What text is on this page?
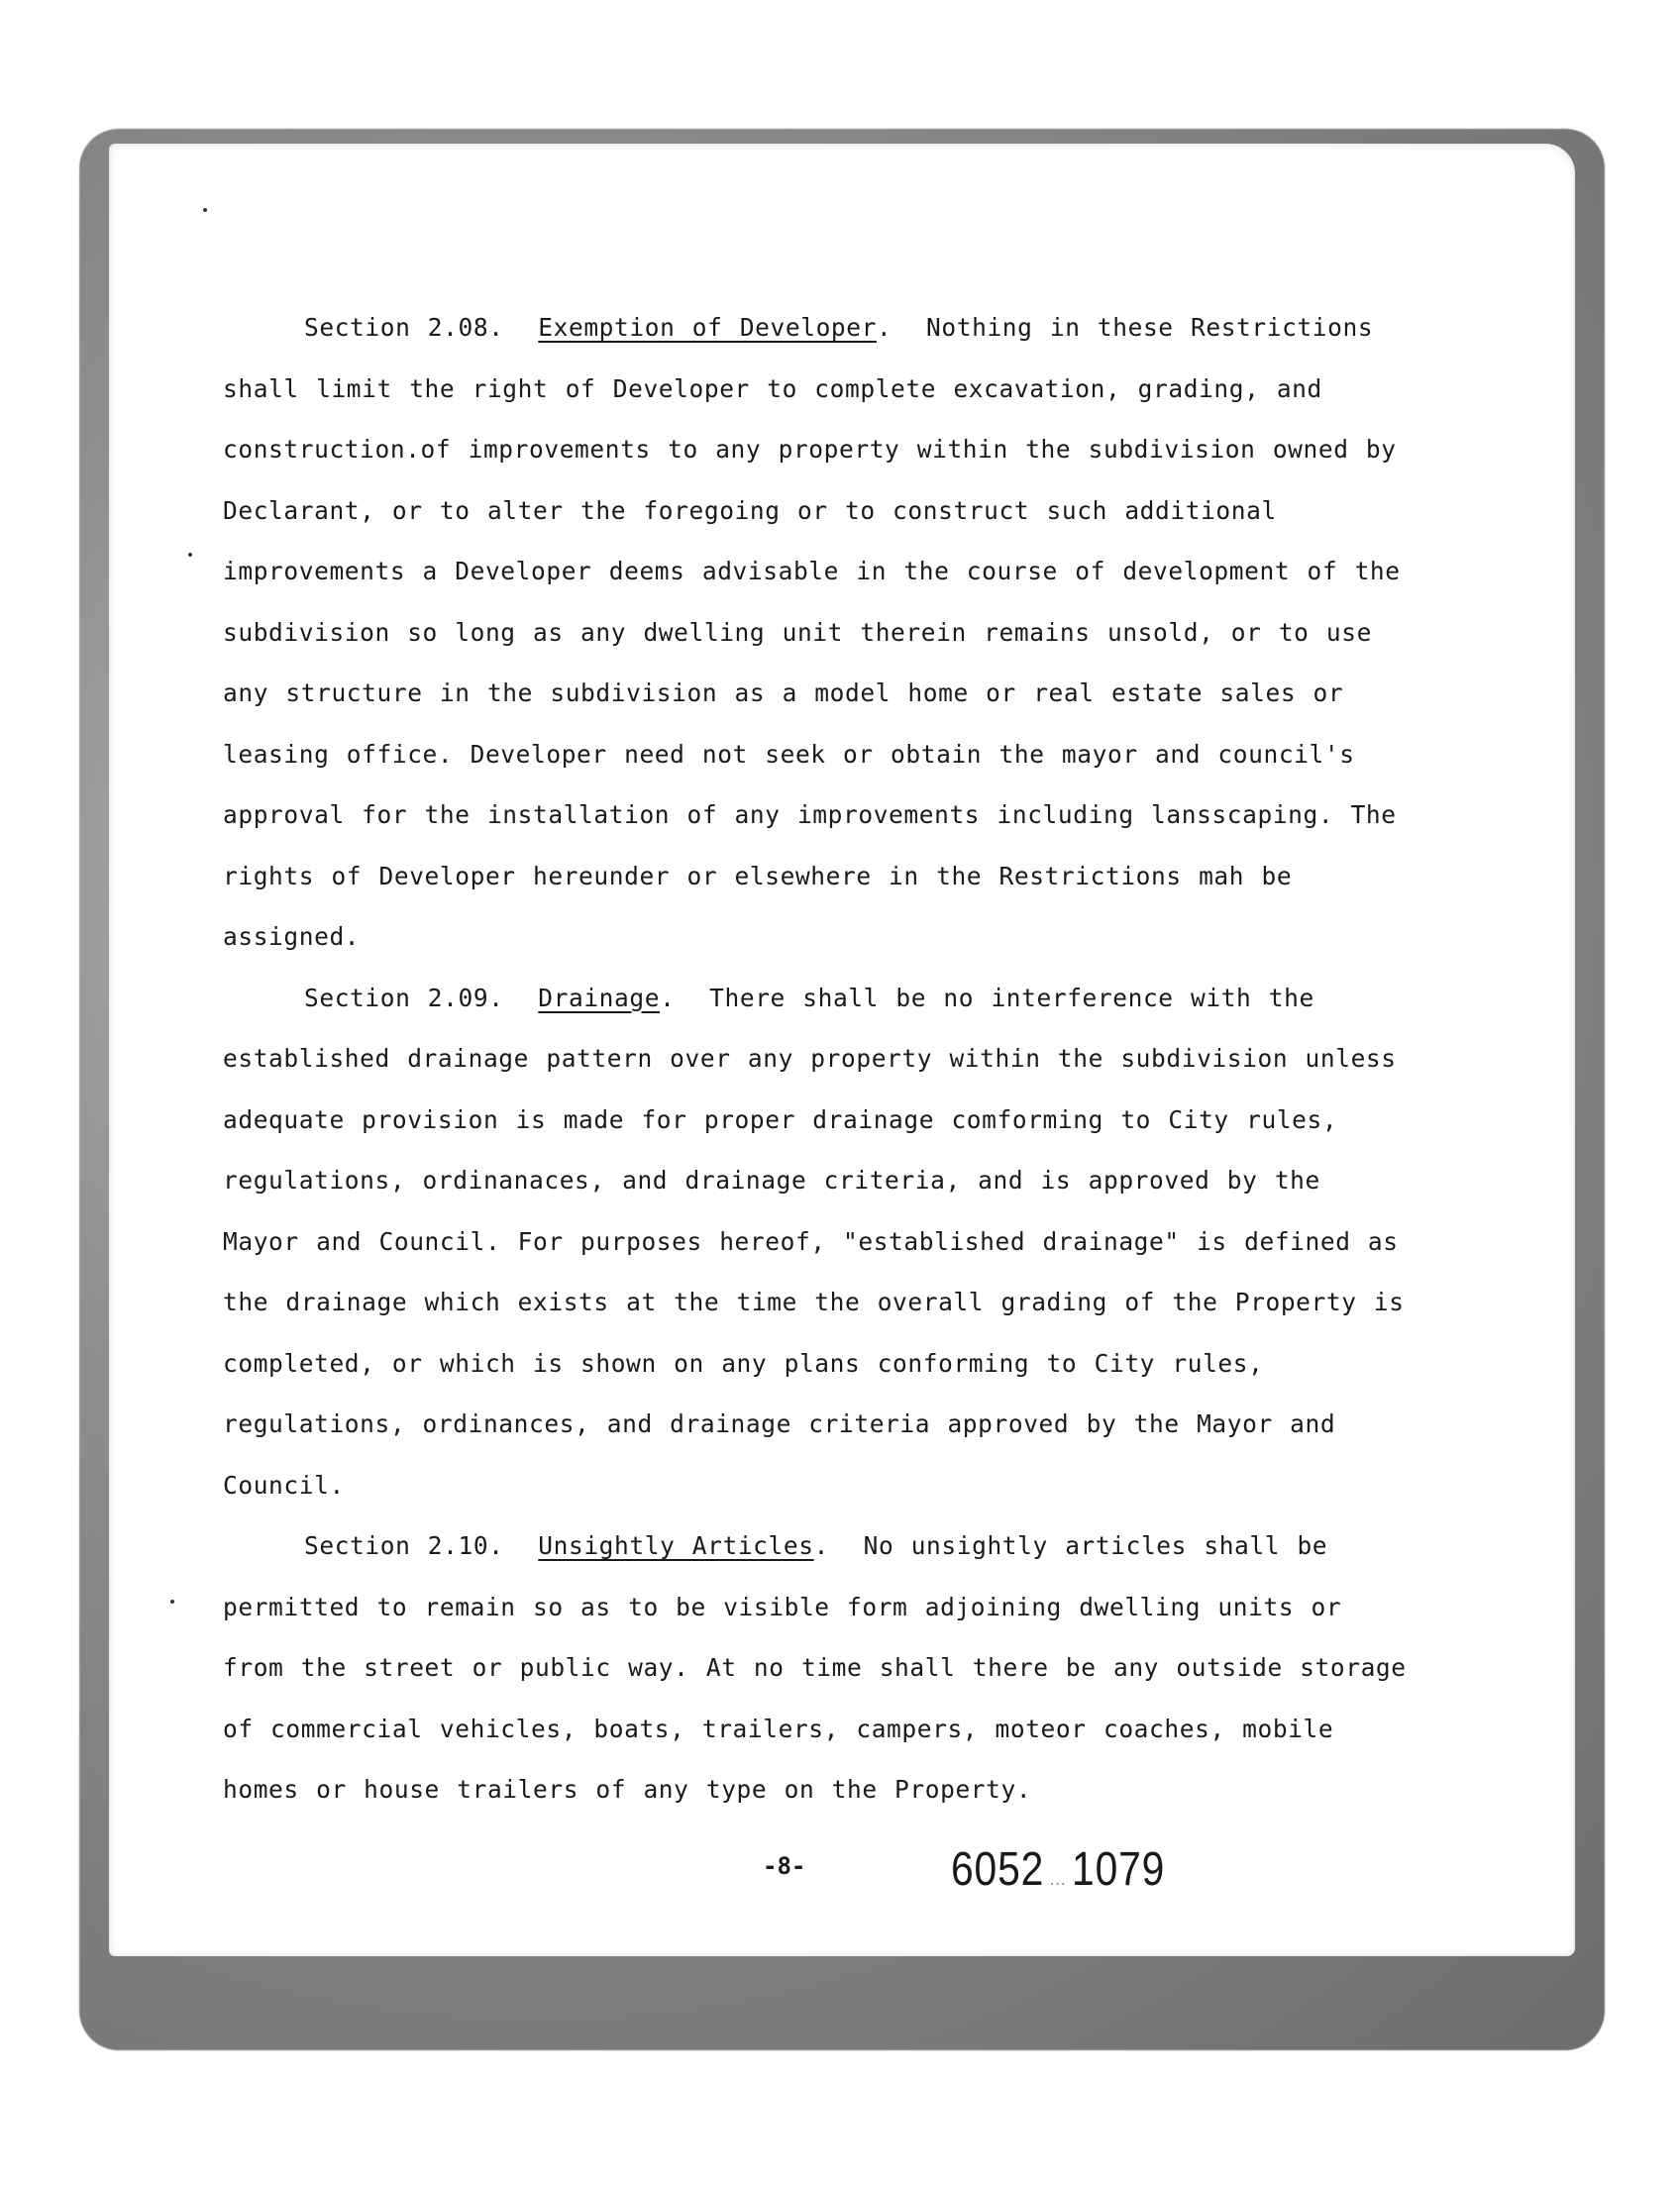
Section 2.08. Exemption of Developer.  Nothing in these Restrictions shall limit the right of Developer to complete excavation, grading, and construction.of improvements to any property within the subdivision owned by Declarant, or to alter the foregoing or to construct such additional improvements a Developer deems advisable in the course of development of the subdivision so long as any dwelling unit therein remains unsold, or to use any structure in the subdivision as a model home or real estate sales or leasing office. Developer need not seek or obtain the mayor and council's approval for the installation of any improvements including lansscaping. The rights of Developer hereunder or elsewhere in the Restrictions mah be assigned.

Section 2.09. Drainage.  There shall be no interference with the established drainage pattern over any property within the subdivision unless adequate provision is made for proper drainage comforming to City rules, regulations, ordinanaces, and drainage criteria, and is approved by the Mayor and Council. For purposes hereof, "established drainage" is defined as the drainage which exists at the time the overall grading of the Property is completed, or which is shown on any plans conforming to City rules, regulations, ordinances, and drainage criteria approved by the Mayor and Council.

Section 2.10. Unsightly Articles.  No unsightly articles shall be permitted to remain so as to be visible form adjoining dwelling units or from the street or public way. At no time shall there be any outside storage of commercial vehicles, boats, trailers, campers, moteor coaches, mobile homes or house trailers of any type on the Property.

-8-	6052 ... 1079
